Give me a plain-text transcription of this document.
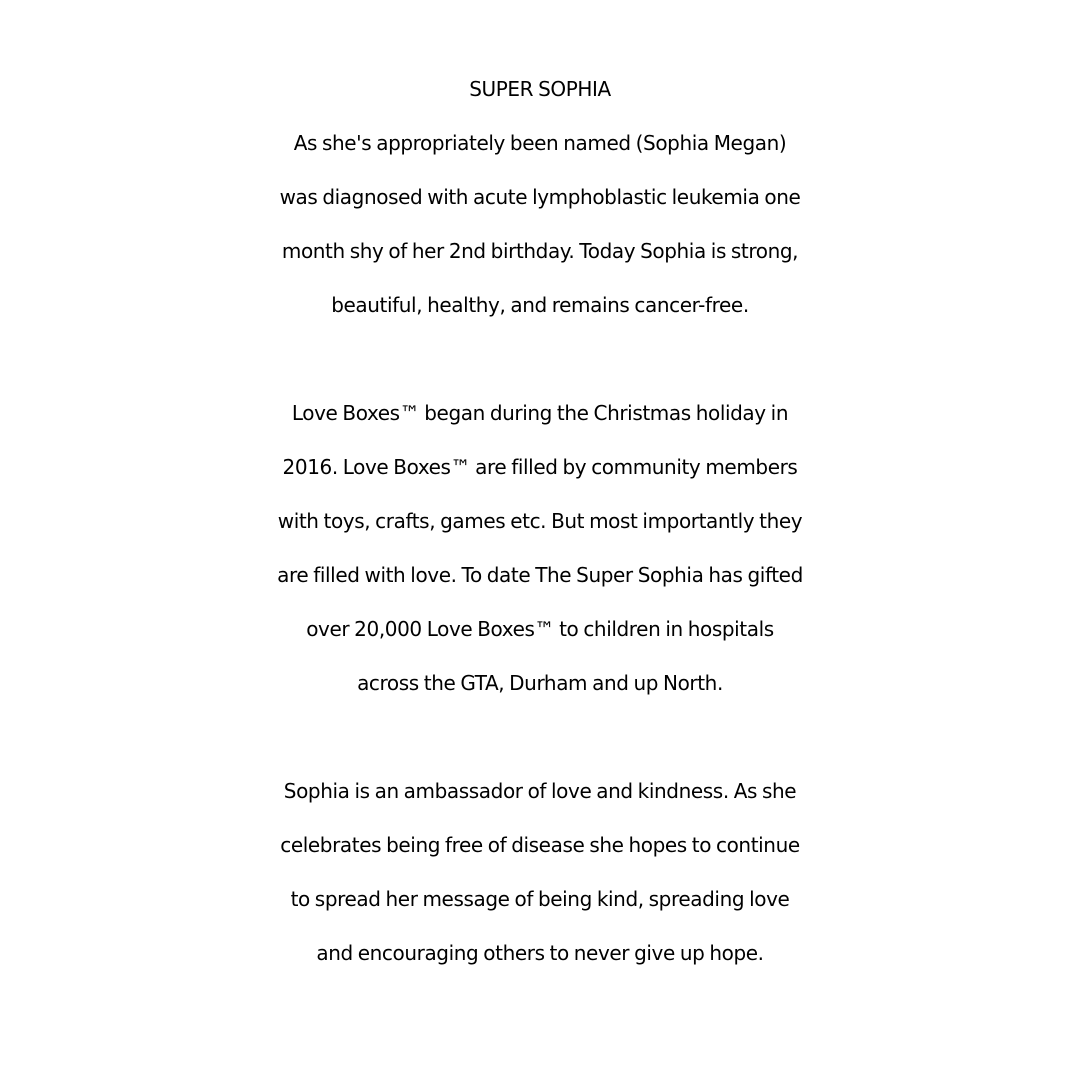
SUPER SOPHIA
As she's appropriately been named (Sophia Megan)
was diagnosed with acute lymphoblastic leukemia one
month shy of her 2nd birthday. Today Sophia is strong,
beautiful, healthy, and remains cancer-free.
Love Boxes™ began during the Christmas holiday in
2016. Love Boxes™ are filled by community members
with toys, crafts, games etc. But most importantly they
are filled with love. To date The Super Sophia has gifted
over 20,000 Love Boxes™ to children in hospitals
across the GTA, Durham and up North.
Sophia is an ambassador of love and kindness. As she
celebrates being free of disease she hopes to continue
to spread her message of being kind, spreading love
and encouraging others to never give up hope.
